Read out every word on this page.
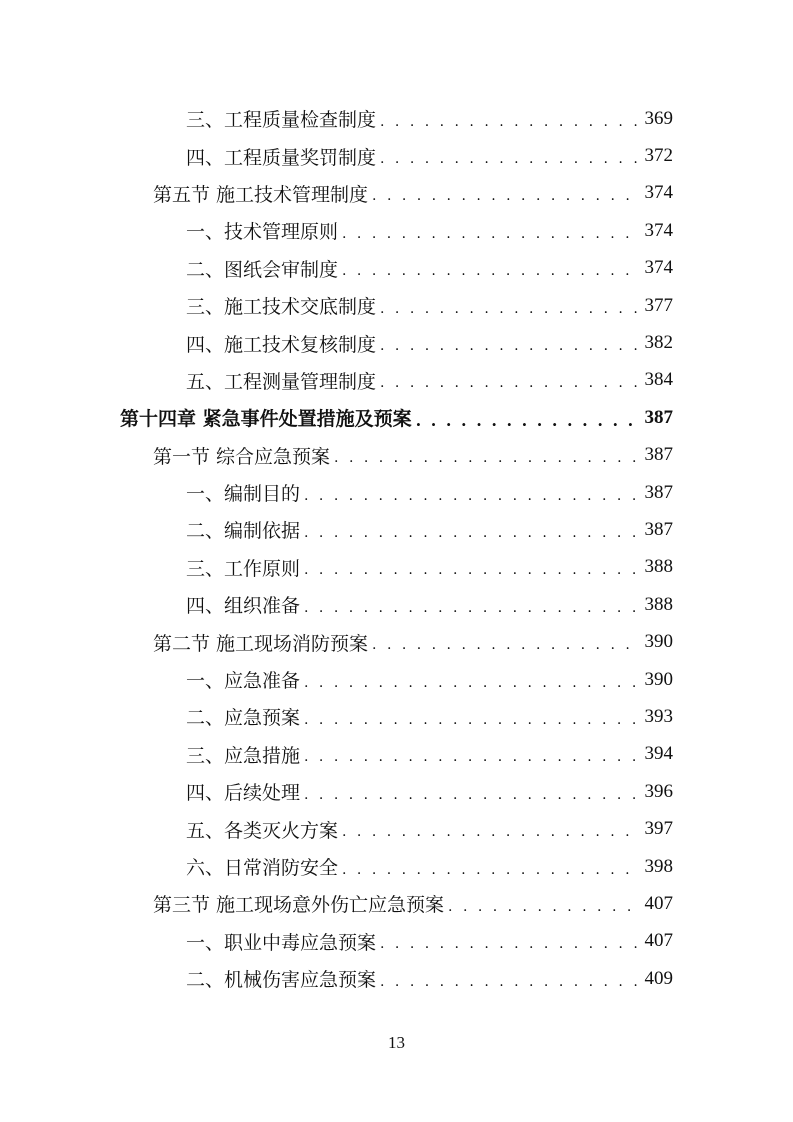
三、工程质量检查制度 . . .	369
四、工程质量奖罚制度 . . .	372
第五节 施工技术管理制度 . . .	374
一、技术管理原则 . . .	374
二、图纸会审制度 . . .	374
三、施工技术交底制度 . . .	377
四、施工技术复核制度 . . .	382
五、工程测量管理制度 . . .	384
第十四章 紧急事件处置措施及预案 . . .	387
第一节 综合应急预案 . . .	387
一、编制目的 . . .	387
二、编制依据 . . .	387
三、工作原则 . . .	388
四、组织准备 . . .	388
第二节 施工现场消防预案 . . .	390
一、应急准备 . . .	390
二、应急预案 . . .	393
三、应急措施 . . .	394
四、后续处理 . . .	396
五、各类灭火方案 . . .	397
六、日常消防安全 . . .	398
第三节 施工现场意外伤亡应急预案 . . .	407
一、职业中毒应急预案 . . .	407
二、机械伤害应急预案 . . .	409
13
